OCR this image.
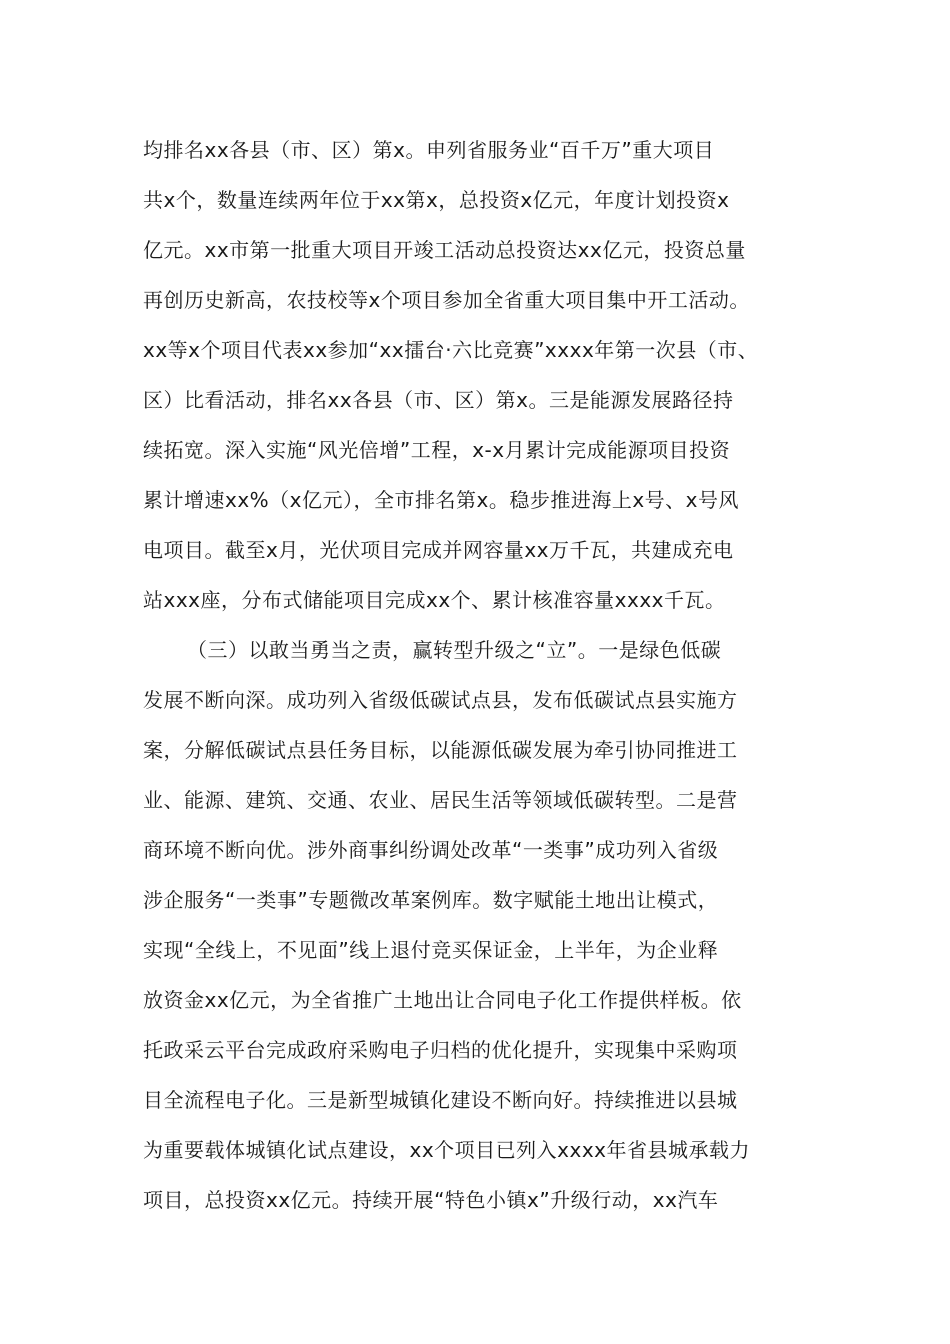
均排名xx各县（市、区）第x。申列省服务业“百千万”重大项目
共x个，数量连续两年位于xx第x，总投资x亿元，年度计划投资x
亿元。xx市第一批重大项目开竣工活动总投资达xx亿元，投资总量
再创历史新高，农技校等x个项目参加全省重大项目集中开工活动。
xx等x个项目代表xx参加“xx擂台·六比竞赛”xxxx年第一次县（市、
区）比看活动，排名xx各县（市、区）第x。三是能源发展路径持
续拓宽。深入实施“风光倍增”工程，x-x月累计完成能源项目投资
累计增速xx%（x亿元），全市排名第x。稳步推进海上x号、x号风
电项目。截至x月，光伏项目完成并网容量xx万千瓦，共建成充电
站xxx座，分布式储能项目完成xx个、累计核准容量xxxx千瓦。
（三）以敢当勇当之责，赢转型升级之“立”。一是绿色低碳
发展不断向深。成功列入省级低碳试点县，发布低碳试点县实施方
案，分解低碳试点县任务目标，以能源低碳发展为牵引协同推进工
业、能源、建筑、交通、农业、居民生活等领域低碳转型。二是营
商环境不断向优。涉外商事纠纷调处改革“一类事”成功列入省级
涉企服务“一类事”专题微改革案例库。数字赋能土地出让模式，
实现“全线上，不见面”线上退付竞买保证金，上半年，为企业释
放资金xx亿元，为全省推广土地出让合同电子化工作提供样板。依
托政采云平台完成政府采购电子归档的优化提升，实现集中采购项
目全流程电子化。三是新型城镇化建设不断向好。持续推进以县城
为重要载体城镇化试点建设，xx个项目已列入xxxx年省县城承载力
项目，总投资xx亿元。持续开展“特色小镇x”升级行动，xx汽车
